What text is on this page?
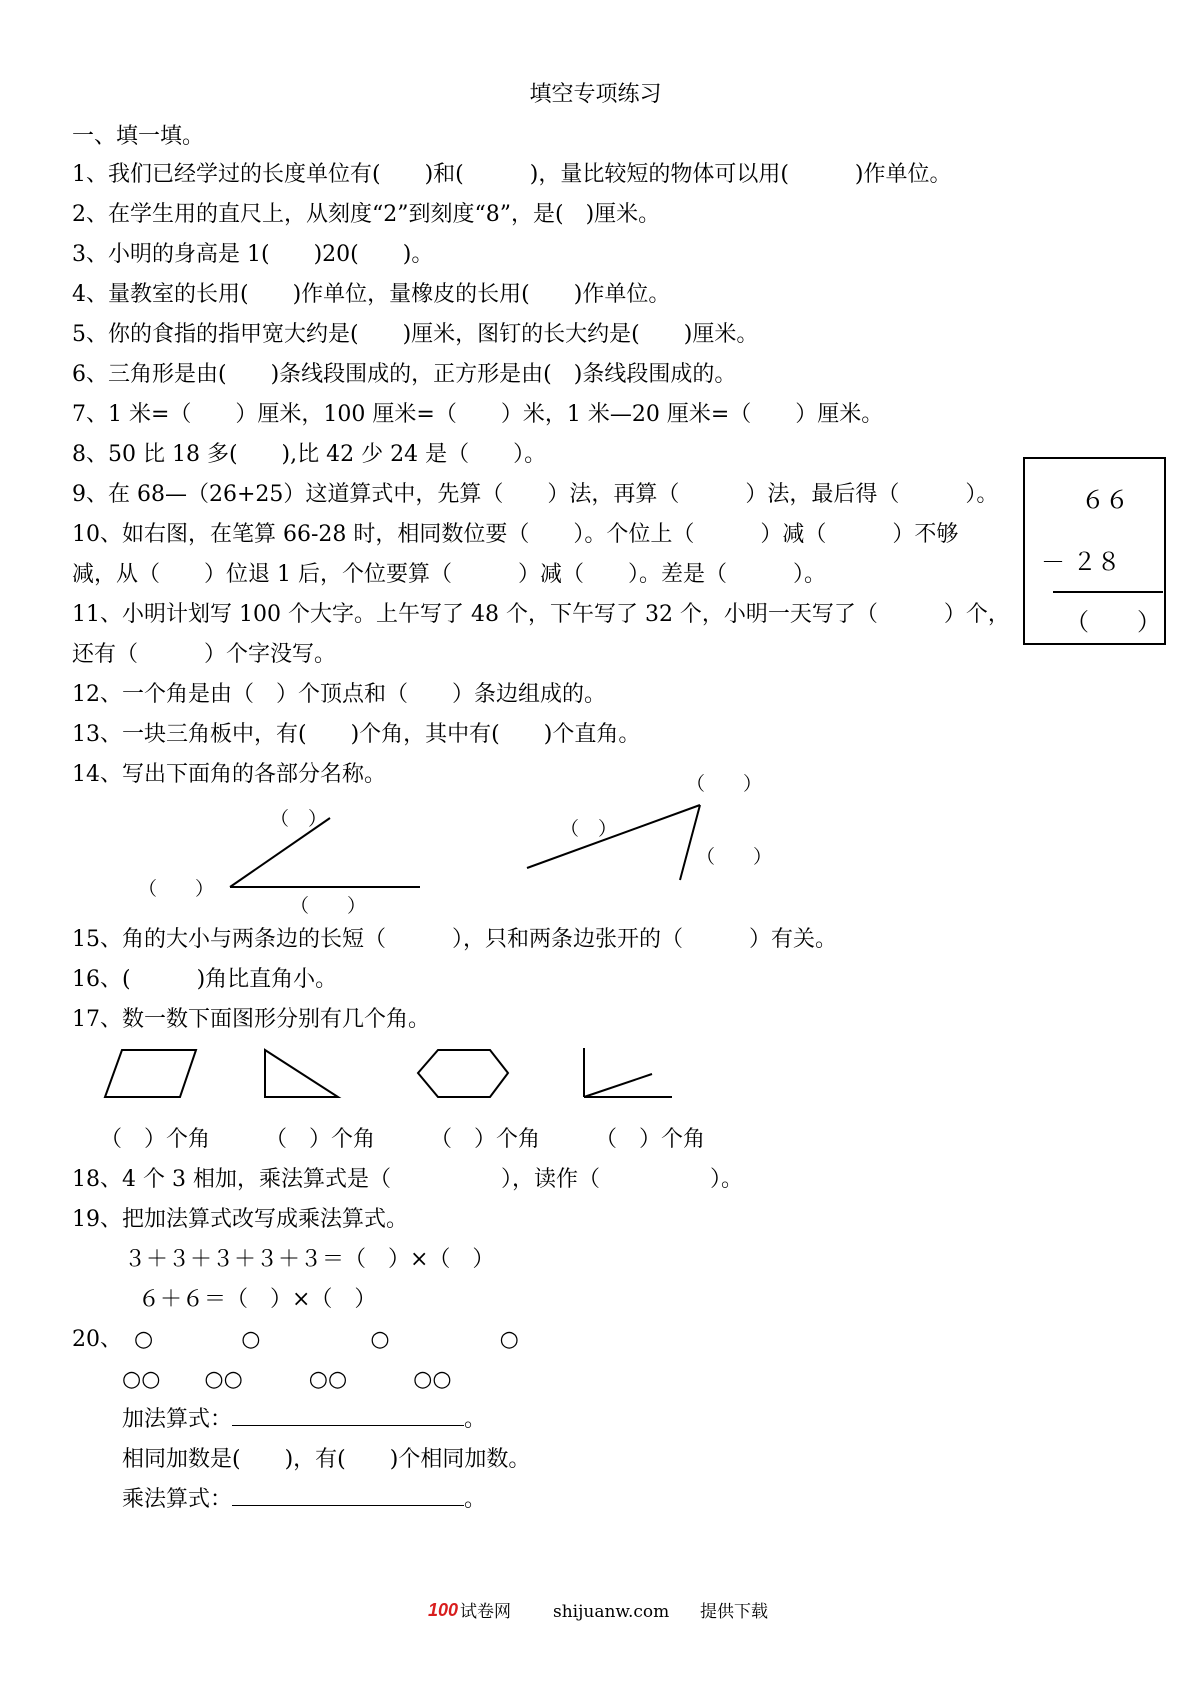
填空专项练习
一、填一填。
1、我们已经学过的长度单位有(　　)和(　　　)，量比较短的物体可以用(　　　)作单位。
2、在学生用的直尺上，从刻度“2”到刻度“8”，是(　)厘米。
3、小明的身高是 1(　　)20(　　)。
4、量教室的长用(　　)作单位，量橡皮的长用(　　)作单位。
5、你的食指的指甲宽大约是(　　)厘米，图钉的长大约是(　　)厘米。
6、三角形是由(　　)条线段围成的，正方形是由(　)条线段围成的。
7、1 米=（　　）厘米，100 厘米=（　　）米，1 米—20 厘米=（　　）厘米。
8、50 比 18 多(　　),比 42 少 24 是（　　）。
9、在 68—（26+25）这道算式中，先算（　　）法，再算（　　　）法，最后得（　　　）。
10、如右图，在笔算 66-28 时，相同数位要（　　）。个位上（　　　）减（　　　）不够
减，从（　　）位退 1 后，个位要算（　　　）减（　　）。差是（　　　）。
11、小明计划写 100 个大字。上午写了 48 个，下午写了 32 个，小明一天写了（　　　）个，
还有（　　　）个字没写。
12、一个角是由（　）个顶点和（　　）条边组成的。
13、一块三角板中，有(　　)个角，其中有(　　)个直角。
14、写出下面角的各部分名称。
６６
－ ２８
（　　）
（　）
（　　）
（　　）
（　　）
（　）
（　　）
15、角的大小与两条边的长短（　　　），只和两条边张开的（　　　）有关。
16、(　　　)角比直角小。
17、数一数下面图形分别有几个角。
（　）个角　　　（　）个角　　　（　）个角　　　（　）个角
18、4 个 3 相加，乘法算式是（　　　　　），读作（　　　　　）。
19、把加法算式改写成乘法算式。
３＋３＋３＋３＋３＝（　）×（　）
６＋６＝（　）×（　）
20、 ○　　　　○　　　　　○　　　　　○
○○　　○○　　　○○　　　○○
加法算式：	。
相同加数是(　　)，有(　　)个相同加数。
乘法算式：	。
100 试卷网 shijuanw.com 提供下载
